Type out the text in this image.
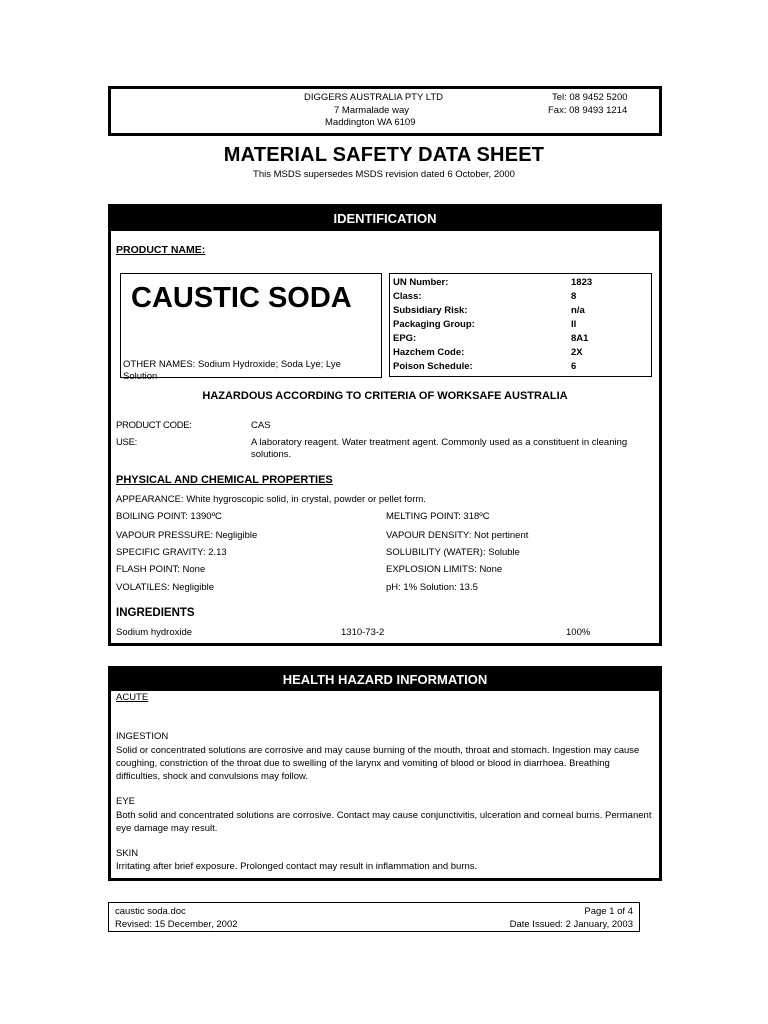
DIGGERS AUSTRALIA PTY LTD
7 Marmalade way
Maddington WA 6109
Tel: 08 9452 5200
Fax: 08 9493 1214
MATERIAL SAFETY DATA SHEET
This MSDS supersedes MSDS revision dated 6 October, 2000
IDENTIFICATION
PRODUCT NAME:
CAUSTIC SODA
OTHER NAMES: Sodium Hydroxide; Soda Lye; Lye Solution
UN Number:	1823
Class:	8
Subsidiary Risk:	n/a
Packaging Group:	II
EPG:	8A1
Hazchem Code:	2X
Poison Schedule:	6
HAZARDOUS ACCORDING TO CRITERIA OF WORKSAFE AUSTRALIA
PRODUCT CODE:	CAS
USE:	A laboratory reagent. Water treatment agent. Commonly used as a constituent in cleaning solutions.
PHYSICAL AND CHEMICAL PROPERTIES
APPEARANCE: White hygroscopic solid, in crystal, powder or pellet form.
BOILING POINT: 1390ºC	MELTING POINT: 318ºC
VAPOUR PRESSURE: Negligible	VAPOUR DENSITY: Not pertinent
SPECIFIC GRAVITY: 2.13	SOLUBILITY (WATER): Soluble
FLASH POINT: None	EXPLOSION LIMITS: None
VOLATILES: Negligible	pH: 1% Solution: 13.5
INGREDIENTS
Sodium hydroxide	1310-73-2	100%
HEALTH HAZARD INFORMATION
ACUTE
INGESTION
Solid or concentrated solutions are corrosive and may cause burning of the mouth, throat and stomach. Ingestion may cause coughing, constriction of the throat due to swelling of the larynx and vomiting of blood or blood in diarrhoea. Breathing difficulties, shock and convulsions may follow.
EYE
Both solid and concentrated solutions are corrosive. Contact may cause conjunctivitis, ulceration and corneal burns. Permanent eye damage may result.
SKIN
Irritating after brief exposure. Prolonged contact may result in inflammation and burns.
caustic soda.doc
Revised: 15 December, 2002
Page 1 of 4
Date Issued: 2 January, 2003
